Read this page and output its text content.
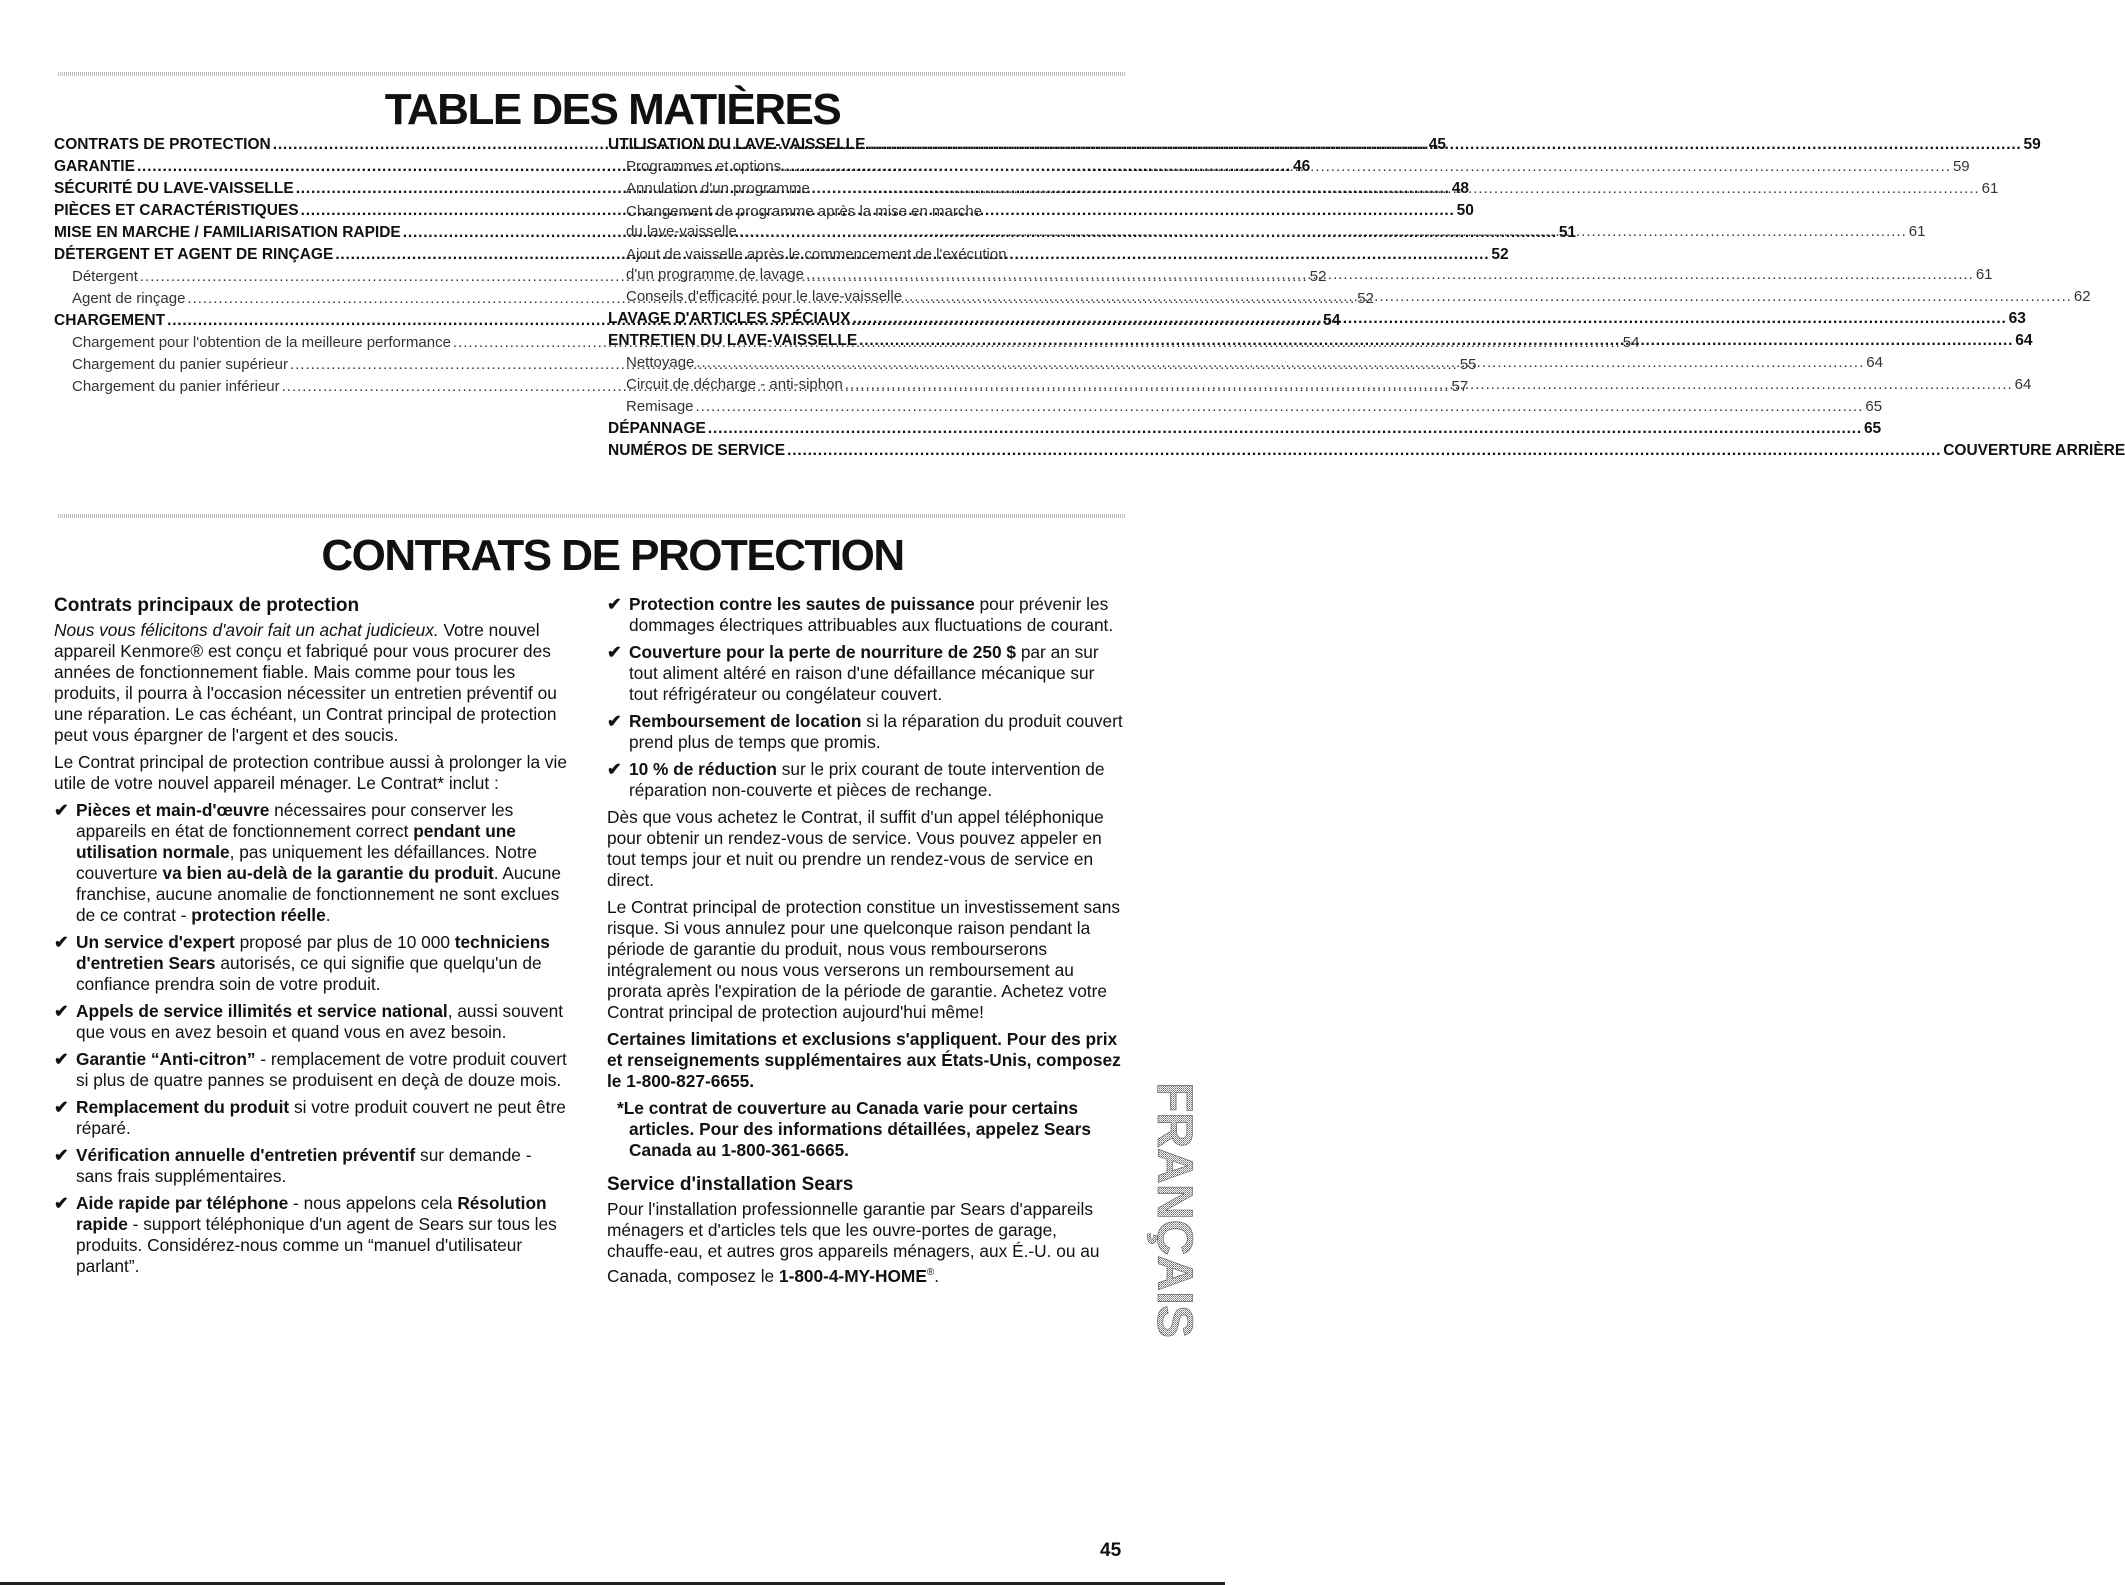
TABLE DES MATIÈRES
CONTRATS DE PROTECTION .....	45
GARANTIE .....	46
SÉCURITÉ DU LAVE-VAISSELLE .....	48
PIÈCES ET CARACTÉRISTIQUES .....	50
MISE EN MARCHE / FAMILIARISATION RAPIDE .....	51
DÉTERGENT ET AGENT DE RINÇAGE .....	52
Détergent .....	52
Agent de rinçage .....	52
CHARGEMENT .....	54
Chargement pour l'obtention de la meilleure performance .....	54
Chargement du panier supérieur .....	55
Chargement du panier inférieur .....	57
UTILISATION DU LAVE-VAISSELLE .....	59
Programmes et options .....	59
Annulation d'un programme .....	61
Changement de programme après la mise en marche
du lave-vaisselle .....	61
Ajout de vaisselle après le commencement de l'exécution
d'un programme de lavage .....	61
Conseils d'efficacité pour le lave-vaisselle .....	62
LAVAGE D'ARTICLES SPÉCIAUX .....	63
ENTRETIEN DU LAVE-VAISSELLE .....	64
Nettoyage .....	64
Circuit de décharge - anti-siphon .....	64
Remisage .....	65
DÉPANNAGE .....	65
NUMÉROS DE SERVICE .....	COUVERTURE ARRIÈRE
CONTRATS DE PROTECTION
Contrats principaux de protection

Nous vous félicitons d'avoir fait un achat judicieux. Votre nouvel appareil Kenmore® est conçu et fabriqué pour vous procurer des années de fonctionnement fiable. Mais comme pour tous les produits, il pourra à l'occasion nécessiter un entretien préventif ou une réparation. Le cas échéant, un Contrat principal de protection peut vous épargner de l'argent et des soucis.

Le Contrat principal de protection contribue aussi à prolonger la vie utile de votre nouvel appareil ménager. Le Contrat* inclut :

✔ Pièces et main-d'œuvre nécessaires pour conserver les appareils en état de fonctionnement correct pendant une utilisation normale, pas uniquement les défaillances. Notre couverture va bien au-delà de la garantie du produit. Aucune franchise, aucune anomalie de fonctionnement ne sont exclues de ce contrat - protection réelle.
✔ Un service d'expert proposé par plus de 10 000 techniciens d'entretien Sears autorisés, ce qui signifie que quelqu'un de confiance prendra soin de votre produit.
✔ Appels de service illimités et service national, aussi souvent que vous en avez besoin et quand vous en avez besoin.
✔ Garantie “Anti-citron” - remplacement de votre produit couvert si plus de quatre pannes se produisent en deçà de douze mois.
✔ Remplacement du produit si votre produit couvert ne peut être réparé.
✔ Vérification annuelle d'entretien préventif sur demande - sans frais supplémentaires.
✔ Aide rapide par téléphone - nous appelons cela Résolution rapide - support téléphonique d'un agent de Sears sur tous les produits. Considérez-nous comme un “manuel d'utilisateur parlant”.
✔ Protection contre les sautes de puissance pour prévenir les dommages électriques attribuables aux fluctuations de courant.
✔ Couverture pour la perte de nourriture de 250 $ par an sur tout aliment altéré en raison d'une défaillance mécanique sur tout réfrigérateur ou congélateur couvert.
✔ Remboursement de location si la réparation du produit couvert prend plus de temps que promis.
✔ 10 % de réduction sur le prix courant de toute intervention de réparation non-couverte et pièces de rechange.

Dès que vous achetez le Contrat, il suffit d'un appel téléphonique pour obtenir un rendez-vous de service. Vous pouvez appeler en tout temps jour et nuit ou prendre un rendez-vous de service en direct.

Le Contrat principal de protection constitue un investissement sans risque. Si vous annulez pour une quelconque raison pendant la période de garantie du produit, nous vous rembourserons intégralement ou nous vous verserons un remboursement au prorata après l'expiration de la période de garantie. Achetez votre Contrat principal de protection aujourd'hui même!

Certaines limitations et exclusions s'appliquent. Pour des prix et renseignements supplémentaires aux États-Unis, composez le 1-800-827-6655.

*Le contrat de couverture au Canada varie pour certains articles. Pour des informations détaillées, appelez Sears Canada au 1-800-361-6665.

Service d'installation Sears

Pour l'installation professionnelle garantie par Sears d'appareils ménagers et d'articles tels que les ouvre-portes de garage, chauffe-eau, et autres gros appareils ménagers, aux É.-U. ou au Canada, composez le 1-800-4-MY-HOME®.	FRANÇAIS
45
